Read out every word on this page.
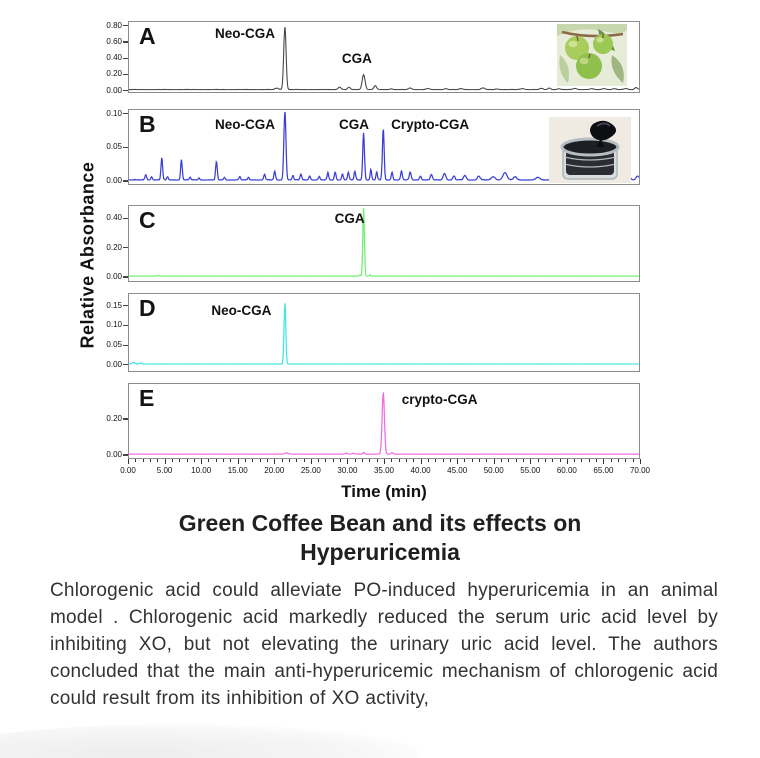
Relative Absorbance
0.00
0.20
0.40
0.60
0.80 A	Neo-CGA
CGA
0.00
0.05
0.10 B	Neo-CGA	CGA Crypto-CGA
0.00
0.20
0.40 C	CGA
0.00
0.05
0.10
0.15 D	Neo-CGA
0.00
0.20
E	crypto-CGA
0.00	5.00 10.00 15.00 20.00 25.00 30.00 35.00 40.00 45.00 50.00 55.00 60.00 65.00 70.00
Time (min)
Green Coffee Bean and its effects on Hyperuricemia

Chlorogenic acid could alleviate PO-induced hyperuricemia in an animal model . Chlorogenic acid markedly reduced the serum uric acid level by inhibiting XO, but not elevating the urinary uric acid level. The authors concluded that the main anti-hyperuricemic mechanism of chlorogenic acid could result from its inhibition of XO activity,
